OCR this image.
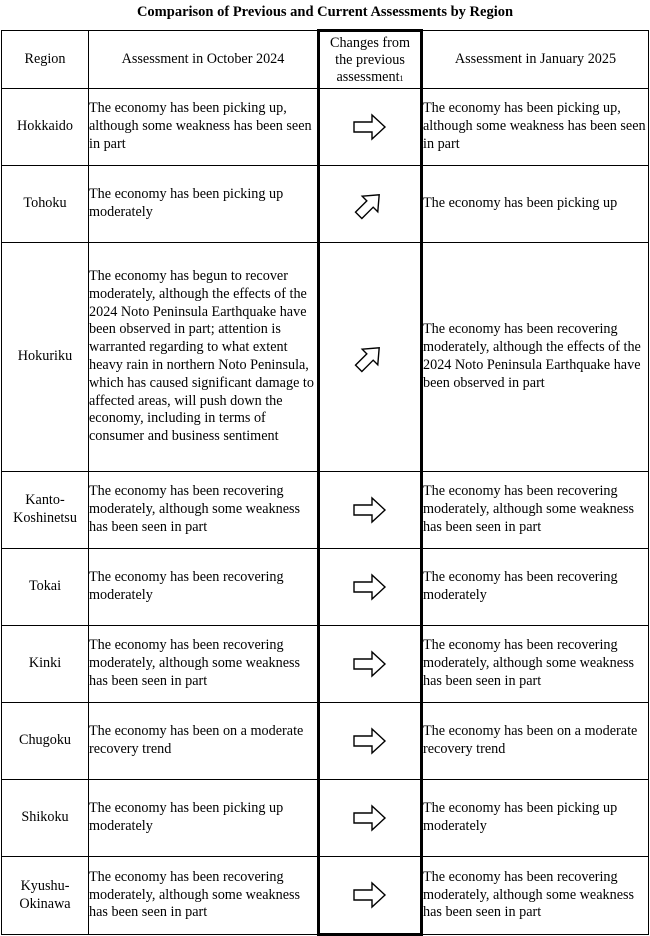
Comparison of Previous and Current Assessments by Region
Region	Assessment in October 2024	Changes from
the previous
assessment$^1$	Assessment in January 2025
Hokkaido	The economy has been picking up, although some weakness has been seen in part		The economy has been picking up, although some weakness has been seen in part
Tohoku	The economy has been picking up moderately		The economy has been picking up
Hokuriku	The economy has begun to recover moderately, although the effects of the 2024 Noto Peninsula Earthquake have been observed in part; attention is warranted regarding to what extent heavy rain in northern Noto Peninsula, which has caused significant damage to affected areas, will push down the economy, including in terms of consumer and business sentiment		The economy has been recovering moderately, although the effects of the 2024 Noto Peninsula Earthquake have been observed in part
Kanto-
Koshinetsu	The economy has been recovering moderately, although some weakness has been seen in part		The economy has been recovering moderately, although some weakness has been seen in part
Tokai	The economy has been recovering moderately		The economy has been recovering moderately
Kinki	The economy has been recovering moderately, although some weakness has been seen in part		The economy has been recovering moderately, although some weakness has been seen in part
Chugoku	The economy has been on a moderate recovery trend		The economy has been on a moderate recovery trend
Shikoku	The economy has been picking up moderately		The economy has been picking up moderately
Kyushu-
Okinawa	The economy has been recovering moderately, although some weakness has been seen in part		The economy has been recovering moderately, although some weakness has been seen in part
